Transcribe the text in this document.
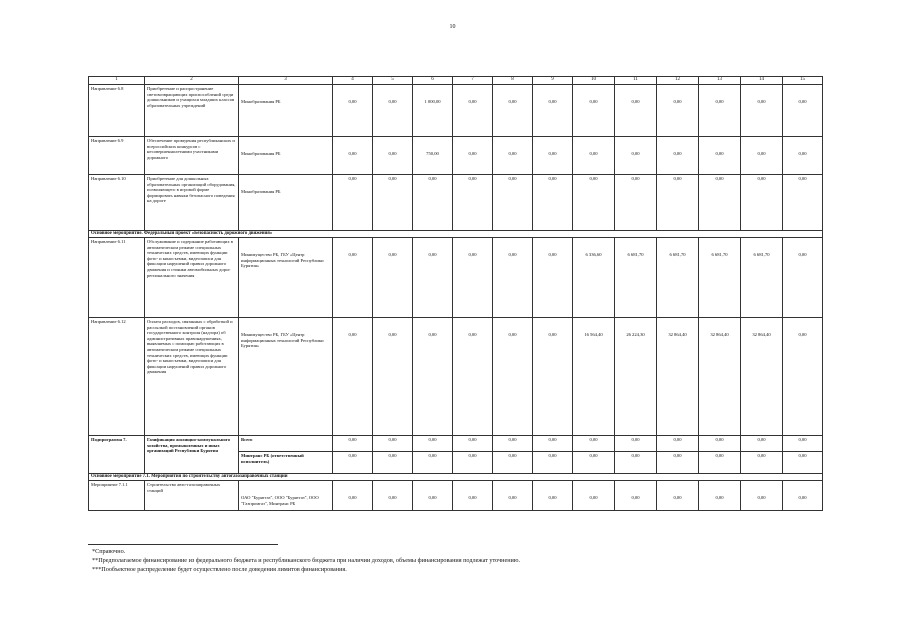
10
1	2	3	4	5	6	7	8	9	10	11	12	13	14	15
Направление 6.8	Приобретение и распространение световозвращающих приспособлений среди дошкольников и учащихся младших классов образовательных учреждений	Минобразования РБ	0,00	0,00	1 000,00	0,00	0,00	0,00	0,00	0,00	0,00	0,00	0,00	0,00
Направление 6.9	Обеспечение проведения республиканских и всероссийских конкурсов с несовершеннолетними участниками дорожного	Минобразования РБ	0,00	0,00	750,00	0,00	0,00	0,00	0,00	0,00	0,00	0,00	0,00	0,00
Направление 6.10	Приобретение для дошкольных образовательных организаций оборудования, позволяющего в игровой форме формировать навыки безопасного поведения на дороге	Минобразования РБ	0,00	0,00	0,00	0,00	0,00	0,00	0,00	0,00	0,00	0,00	0,00	0,00
Основное мероприятие. Федеральный проект «Безопасность дорожного движения»														
Направление 6.11	Обслуживание и содержание работающих в автоматическом режиме специальных технических средств, имеющих функции фото- и киносъемки, видеозаписи для фиксации нарушений правил дорожного движения и стоянки автомобильных дорог регионального значения	Минимущество РБ, ГБУ «Центр информационных технологий Республики Бурятия»	0,00	0,00	0,00	0,00	0,00	0,00	6 336,60	6 681,70	6 681,70	6 681,70	6 681,70	0,00
Направление 6.12	Оплата расходов, связанных с обработкой и рассылкой постановлений органов государственного контроля (надзора) об административных правонарушениях, выявляемых с помощью работающих в автоматическом режиме специальных технических средств, имеющих функции фото- и киносъемки, видеозаписи для фиксации нарушений правил дорожного движения	Минимущество РБ, ГБУ «Центр информационных технологий Республики Бурятия»	0,00	0,00	0,00	0,00	0,00	0,00	16 564,40	26 224,30	32 864,40	32 864,40	32 864,40	0,00
Подпрограмма 7.	Газификация жилищно-коммунального хозяйства, промышленных и иных организаций Республики Бурятия	Всего	0,00	0,00	0,00	0,00	0,00	0,00	0,00	0,00	0,00	0,00	0,00	0,00
		Минтранс РБ (ответственный исполнитель)	0,00	0,00	0,00	0,00	0,00	0,00	0,00	0,00	0,00	0,00	0,00	0,00
Основное мероприятие 7.1. Мероприятия по строительству автогазозаправочных станций														
Мероприятие 7.1.1	Строительство авто-газозаправочных станций	ОАО "Бурятгаз", ООО "Бурятгаз", ООО "Газпромгаз", Минтранс РБ	0,00	0,00	0,00	0,00	0,00	0,00	0,00	0,00	0,00	0,00	0,00	0,00
*Справочно.
**Предполагаемое финансирование из федерального бюджета и республиканского бюджета при наличии доходов, объемы финансирования подлежат уточнению.
***Пообъектное распределение будет осуществлено после доведения лимитов финансирования.
